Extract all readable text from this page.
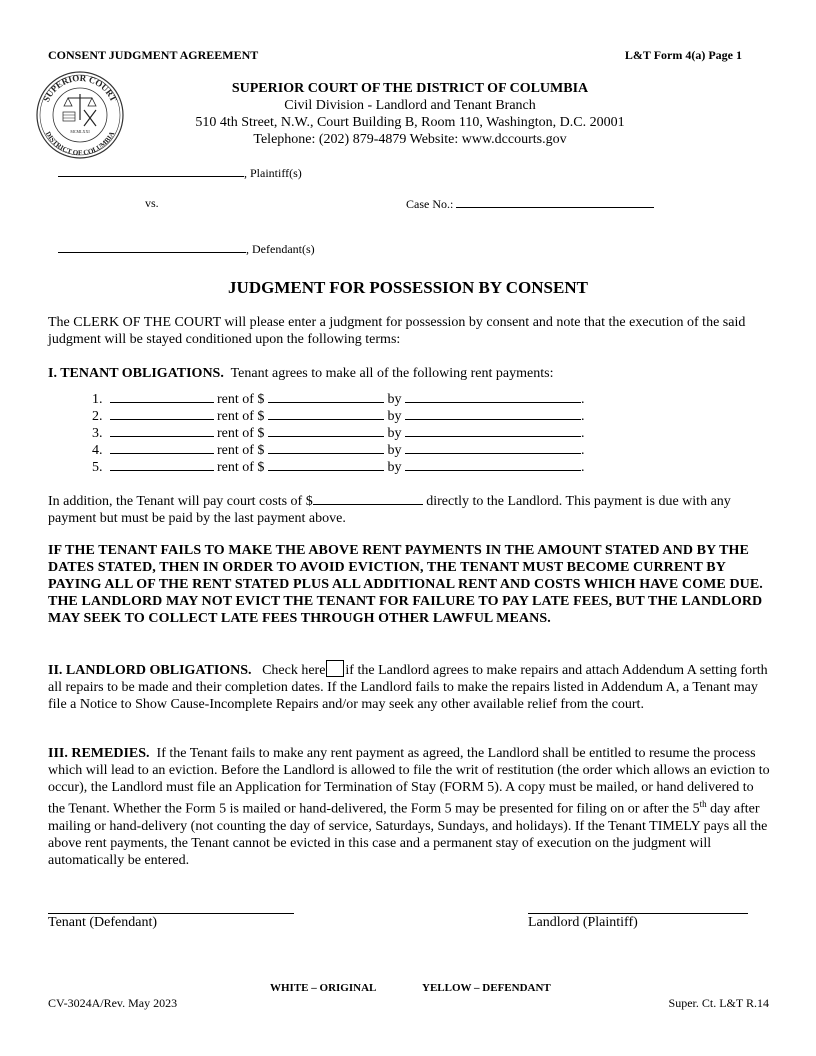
CONSENT JUDGMENT AGREEMENT	L&T Form 4(a) Page 1
SUPERIOR COURT
DISTRICT OF COLUMBIA
MCMLXXI
SUPERIOR COURT OF THE DISTRICT OF COLUMBIA
Civil Division - Landlord and Tenant Branch
510 4th Street, N.W., Court Building B, Room 110, Washington, D.C. 20001
Telephone: (202) 879-4879 Website: www.dccourts.gov
, Plaintiff(s)
vs.	Case No.:
, Defendant(s)
JUDGMENT FOR POSSESSION BY CONSENT
The CLERK OF THE COURT will please enter a judgment for possession by consent and note that the execution of the said judgment will be stayed conditioned upon the following terms:
I. TENANT OBLIGATIONS. Tenant agrees to make all of the following rent payments:
1.	rent of $	by	.
2.	rent of $	by	.
3.	rent of $	by	.
4.	rent of $	by	.
5.	rent of $	by	.
In addition, the Tenant will pay court costs of $	directly to the Landlord. This payment is due with any payment but must be paid by the last payment above.
IF THE TENANT FAILS TO MAKE THE ABOVE RENT PAYMENTS IN THE AMOUNT STATED AND BY THE DATES STATED, THEN IN ORDER TO AVOID EVICTION, THE TENANT MUST BECOME CURRENT BY PAYING ALL OF THE RENT STATED PLUS ALL ADDITIONAL RENT AND COSTS WHICH HAVE COME DUE. THE LANDLORD MAY NOT EVICT THE TENANT FOR FAILURE TO PAY LATE FEES, BUT THE LANDLORD MAY SEEK TO COLLECT LATE FEES THROUGH OTHER LAWFUL MEANS.
II. LANDLORD OBLIGATIONS. Check here if the Landlord agrees to make repairs and attach Addendum A setting forth all repairs to be made and their completion dates. If the Landlord fails to make the repairs listed in Addendum A, a Tenant may file a Notice to Show Cause-Incomplete Repairs and/or may seek any other available relief from the court.
III. REMEDIES. If the Tenant fails to make any rent payment as agreed, the Landlord shall be entitled to resume the process which will lead to an eviction. Before the Landlord is allowed to file the writ of restitution (the order which allows an eviction to occur), the Landlord must file an Application for Termination of Stay (FORM 5). A copy must be mailed, or hand delivered to the Tenant. Whether the Form 5 is mailed or hand-delivered, the Form 5 may be presented for filing on or after the 5th day after mailing or hand-delivery (not counting the day of service, Saturdays, Sundays, and holidays). If the Tenant TIMELY pays all the above rent payments, the Tenant cannot be evicted in this case and a permanent stay of execution on the judgment will automatically be entered.
Tenant (Defendant)	Landlord (Plaintiff)
WHITE – ORIGINAL	YELLOW – DEFENDANT
CV-3024A/Rev. May 2023	Super. Ct. L&T R.14
